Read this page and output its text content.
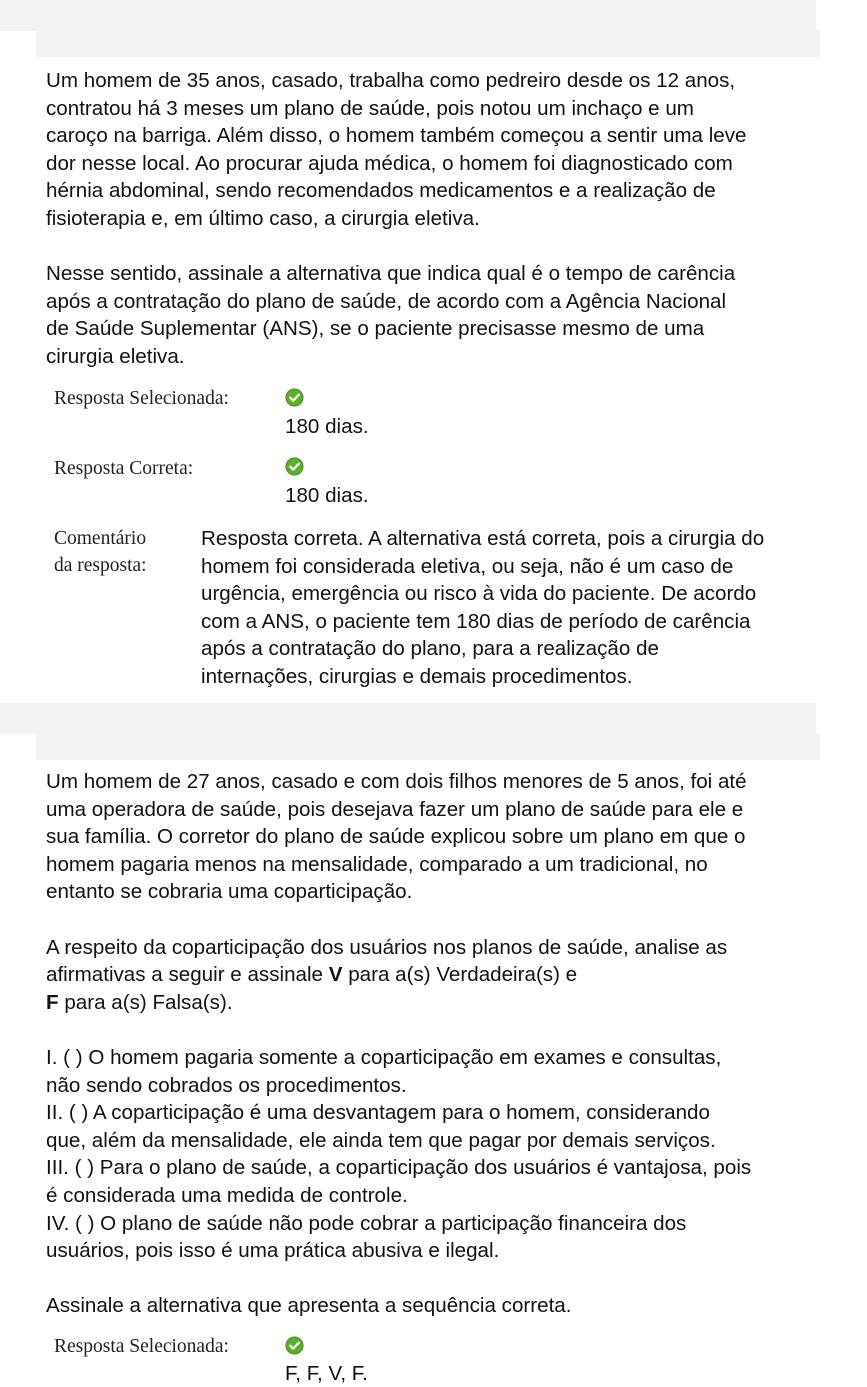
Um homem de 35 anos, casado, trabalha como pedreiro desde os 12 anos,
contratou há 3 meses um plano de saúde, pois notou um inchaço e um
caroço na barriga. Além disso, o homem também começou a sentir uma leve
dor nesse local. Ao procurar ajuda médica, o homem foi diagnosticado com
hérnia abdominal, sendo recomendados medicamentos e a realização de
fisioterapia e, em último caso, a cirurgia eletiva.
Nesse sentido, assinale a alternativa que indica qual é o tempo de carência
após a contratação do plano de saúde, de acordo com a Agência Nacional
de Saúde Suplementar (ANS), se o paciente precisasse mesmo de uma
cirurgia eletiva.
Resposta Selecionada:
180 dias.
Resposta Correta:
180 dias.
Comentário
da resposta:
Resposta correta. A alternativa está correta, pois a cirurgia do
homem foi considerada eletiva, ou seja, não é um caso de
urgência, emergência ou risco à vida do paciente. De acordo
com a ANS, o paciente tem 180 dias de período de carência
após a contratação do plano, para a realização de
internações, cirurgias e demais procedimentos.
Um homem de 27 anos, casado e com dois filhos menores de 5 anos, foi até
uma operadora de saúde, pois desejava fazer um plano de saúde para ele e
sua família. O corretor do plano de saúde explicou sobre um plano em que o
homem pagaria menos na mensalidade, comparado a um tradicional, no
entanto se cobraria uma coparticipação.
A respeito da coparticipação dos usuários nos planos de saúde, analise as
afirmativas a seguir e assinale V para a(s) Verdadeira(s) e
F para a(s) Falsa(s).
I. ( ) O homem pagaria somente a coparticipação em exames e consultas,
não sendo cobrados os procedimentos.
II. ( ) A coparticipação é uma desvantagem para o homem, considerando
que, além da mensalidade, ele ainda tem que pagar por demais serviços.
III. ( ) Para o plano de saúde, a coparticipação dos usuários é vantajosa, pois
é considerada uma medida de controle.
IV. ( ) O plano de saúde não pode cobrar a participação financeira dos
usuários, pois isso é uma prática abusiva e ilegal.
Assinale a alternativa que apresenta a sequência correta.
Resposta Selecionada:
F, F, V, F.
